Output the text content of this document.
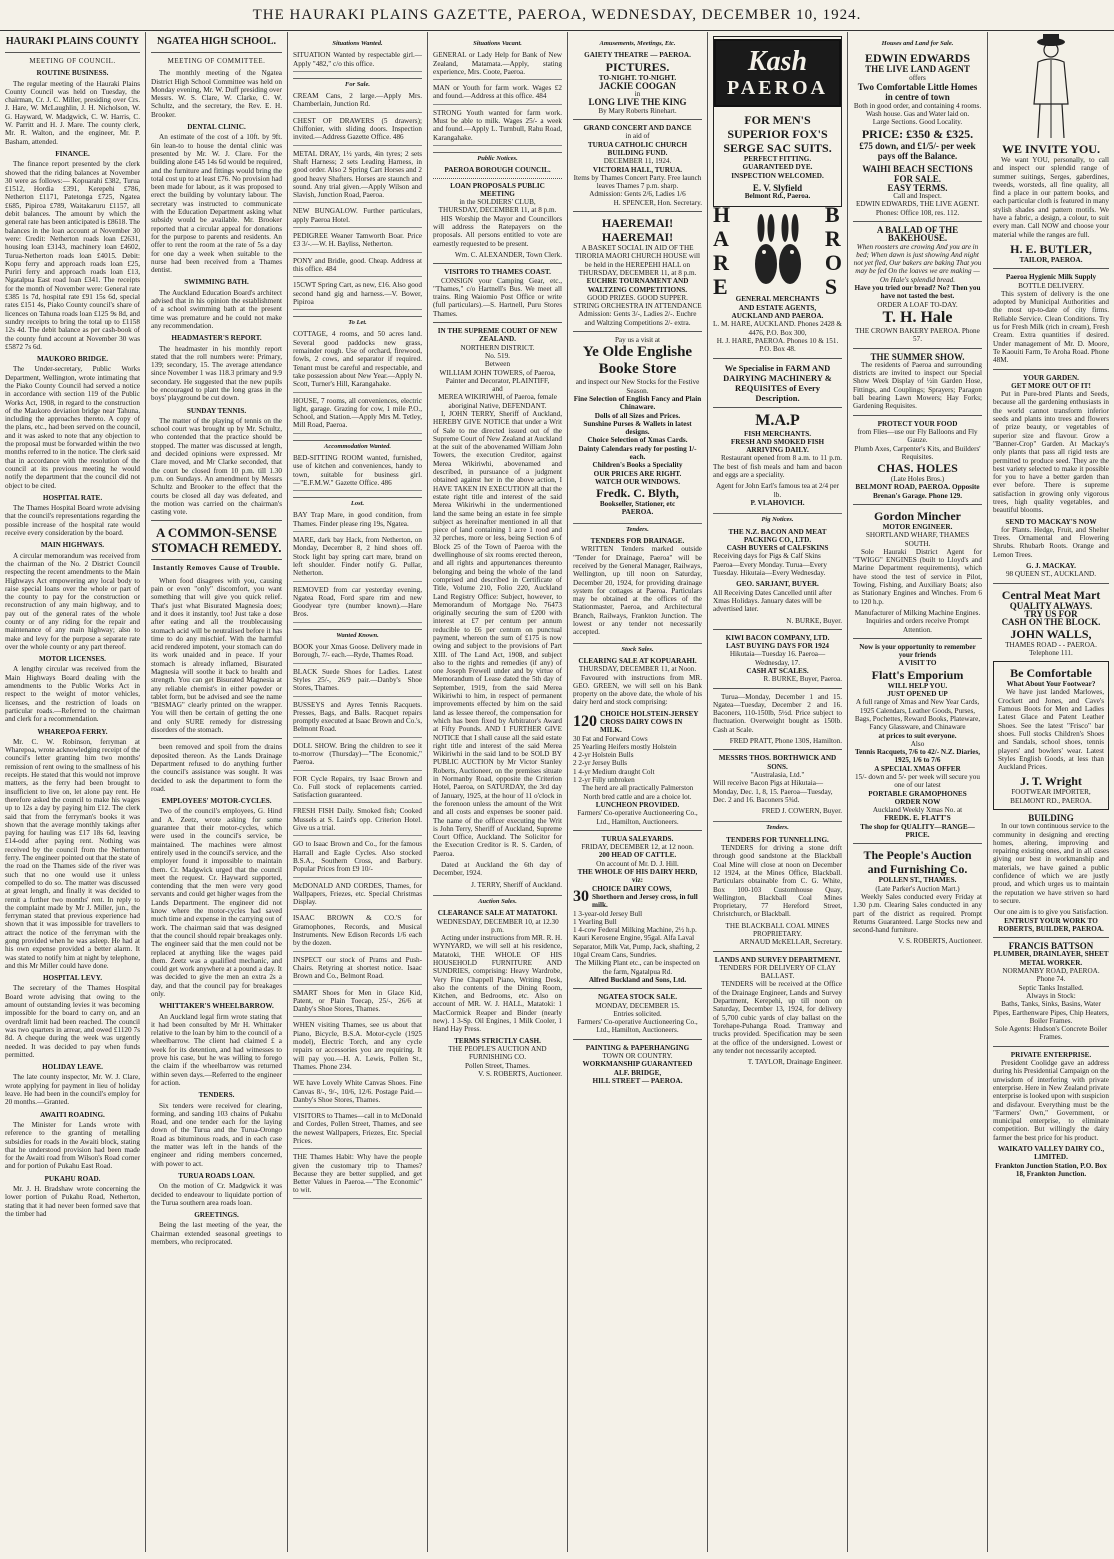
THE HAURAKI PLAINS GAZETTE, PAEROA, WEDNESDAY, DECEMBER 10, 1924.
HAURAKI PLAINS COUNTY
MEETING OF COUNCIL.
ROUTINE BUSINESS.

The regular meeting of the Hauraki Plains County Council was held on Tuesday, the chairman, Cr. J. C. Miller, presiding over Crs. J. Hare, W. McLaughlin, J. H. Nicholson, W. G. Hayward, W. Madgwick, C. W. Harris, C. W. Parritt and H. J. Mare. The county clerk, Mr. R. Walton, and the engineer, Mr. P. Basham, attended.

FINANCE.

The finance report presented by the clerk showed that the riding balances at November 30 were as follows:— Kopuarahi £382, Turua £1512, Hordia £391, Kerepehi £786, Netherton £1171, Patetonga £725, Ngatea £685, Pipiroa £789, Waitakaruru £1157, all debit balances. The amount by which the general rate has been anticipated is £8618. The balances in the loan account at November 30 were: Credit: Netherton roads loan £2631, housing loan £3143, machinery loan £4602, Turua-Netherton roads loan £4015. Debit: Kopu ferry and approach roads loan £25, Puriri ferry and approach roads loan £13, Ngatalpua East road loan £341. The receipts for the month of November were: General rate £385 1s 7d, hospital rate £91 15s 6d, special rates £151 4s, Piako County council's share of licences on Tahuna roads loan £125 9s 8d, and sundry receipts to bring the total up to £1158 12s 4d. The debit balance as per cash-book of the county fund account at November 30 was £5872 7s 6d.

MAUKORO BRIDGE.

The Under-secretary, Public Works Department, Wellington, wrote intimating that the Piako County Council had served a notice in accordance with section 119 of the Public Works Act, 1908, in regard to the construction of the Maukoro deviation bridge near Tahuna, including the approaches thereto. A copy of the plans, etc., had been served on the council, and it was asked to note that any objection to the proposal must be forwarded within the two months referred to in the notice. The clerk said that in accordance with the resolution of the council at its previous meeting he would notify the department that the council did not object to be cited.

HOSPITAL RATE.

The Thames Hospital Board wrote advising that the council's representations regarding the possible increase of the hospital rate would receive every consideration by the board.

MAIN HIGHWAYS.

A circular memorandum was received from the chairman of the No. 2 District Council respecting the recent amendments to the Main Highways Act empowering any local body to raise special loans over the whole or part of the county to pay for the construction or reconstruction of any main highway, and to pay out of the general rates of the whole county or of any riding for the repair and maintenance of any main highway; also to make and levy for the purpose a separate rate over the whole county or any part thereof.

MOTOR LICENSES.

A lengthy circular was received from the Main Highways Board dealing with the amendments to the Public Works Act in respect to the weight of motor vehicles, licenses, and the restriction of loads on particular roads.—Referred to the chairman and clerk for a recommendation.

WHAREPOA FERRY.

Mr. C. W. Robinson, ferryman at Wharepoa, wrote acknowledging receipt of the council's letter granting him two months' remission of rent owing to the smallness of his receipts. He stated that this would not improve matters, as the ferry had been brought to insufficient to live on, let alone pay rent. He therefore asked the council to make his wages up to 12s a day by paying him £12. The clerk said that from the ferryman's books it was shown that the average monthly takings after paying for hauling was £17 18s 6d, leaving £14-odd after paying rent. Nothing was received by the council from the Netherton ferry. The engineer pointed out that the state of the road on the Thames side of the river was such that no one would use it unless compelled to do so. The matter was discussed at great length, and finally it was decided to remit a further two months' rent. In reply to the complaint made by Mr J. Miller, jun., the ferryman stated that previous experience had shown that it was impossible for travellers to attract the notice of the ferryman with the gong provided when he was asleep. He had at his own expense provided a better alarm. It was stated to notify him at night by telephone, and this Mr Miller could have done.

HOSPITAL LEVY.

The secretary of the Thames Hospital Board wrote advising that owing to the amount of outstanding levies it was becoming impossible for the board to carry on, and an overdraft limit had been reached. The council was two quarters in arrear, and owed £1120 7s 8d. A cheque during the week was urgently needed. It was decided to pay when funds permitted.

HOLIDAY LEAVE.

The late county inspector, Mr. W. J. Clare, wrote applying for payment in lieu of holiday leave. He had been in the council's employ for 20 months.—Granted.

AWAITI ROADING.

The Minister for Lands wrote with reference to the granting of metalling subsidies for roads in the Awaiti block, stating that he understood provision had been made for the Awaiti road from Wilson's Road corner and for portion of Pukahu East Road.

PUKAHU ROAD.

Mr. J. H. Bradshaw wrote concerning the lower portion of Pukahu Road, Netherton, stating that it had never been formed save that the timber had

NGATEA HIGH SCHOOL.
MEETING OF COMMITTEE.

The monthly meeting of the Ngatea District High School Committee was held on Monday evening, Mr. W. Duff presiding over Messrs. W. S. Clare, W. Clarke, C. W. Schultz, and the secretary, the Rev. E. H. Brooker.

DENTAL CLINIC.

An estimate of the cost of a 10ft. by 9ft. 6in lean-to to house the dental clinic was presented by Mr. W. J. Clare. For the building alone £45 14s 6d would be required, and the furniture and fittings would bring the total cost up to at least £76. No provision had been made for labour, as it was proposed to erect the building by voluntary labour. The secretary was instructed to communicate with the Education Department asking what subsidy would be available. Mr. Brooker reported that a circular appeal for donations for the purpose to parents and residents. An offer to rent the room at the rate of 5s a day for one day a week when suitable to the nurse had been received from a Thames dentist.

SWIMMING BATH.

The Auckland Education Board's architect advised that in his opinion the establishment of a school swimming bath at the present time was premature and he could not make any recommendation.

HEADMASTER'S REPORT.

The headmaster in his monthly report stated that the roll numbers were: Primary, 139; secondary, 15. The average attendance since November 1 was 118.3 primary and 9.9 secondary. He suggested that the new pupils be encouraged to plant the long grass in the boys' playground be cut down.

SUNDAY TENNIS.

The matter of the playing of tennis on the school court was brought up by Mr. Schultz, who contended that the practice should be stopped. The matter was discussed at length, and decided opinions were expressed. Mr Clare moved, and Mr Clarke seconded, that the court be closed from 10 p.m. till 1.30 p.m. on Sundays. An amendment by Messrs Schultz and Brooker to the effect that the courts be closed all day was defeated, and the motion was carried on the chairman's casting vote.

A COMMON-SENSE STOMACH REMEDY.
Instantly Removes Cause of Trouble.

When food disagrees with you, causing pain or even "only" discomfort, you want something that will give you quick relief. That's just what Bisurated Magnesia does; and it does it instantly, too! Just take a dose after eating and all the troublecausing stomach acid will be neutralised before it has time to do any mischief. With the harmful acid rendered impotent, your stomach can do its work unaided and in peace. If your stomach is already inflamed, Bisurated Magnesia will soothe it back to health and strength. You can get Bisurated Magnesia at any reliable chemist's in either powder or tablet form, but be advised and see the name "BISMAG" clearly printed on the wrapper. You will then be certain of getting the one and only SURE remedy for distressing disorders of the stomach.

been removed and spoil from the drains deposited thereon. As the Lands Drainage Department refused to do anything further the council's assistance was sought. It was decided to ask the department to form the road.

EMPLOYEES' MOTOR-CYCLES.

Two of the council's employees, G. Hind and A. Zeetz, wrote asking for some guarantee that their motor-cycles, which were used in the council's service, be maintained. The machines were almost entirely used in the council's service, and the employer found it impossible to maintain them. Cr. Madgwick urged that the council meet the request. Cr. Hayward supported, contending that the men were very good servants and could get higher wages from the Lands Department. The engineer did not know where the motor-cycles had saved much time and expense in the carrying out of work. The chairman said that was designed that the council should repair breakages only. The engineer said that the men could not be replaced at anything like the wages paid them. Zeetz was a qualified mechanic, and could get work anywhere at a pound a day. It was decided to give the men an extra 2s a day, and that the council pay for breakages only.

WHITTAKER'S WHEELBARROW.

An Auckland legal firm wrote stating that it had been consulted by Mr H. Whittaker relative to the loan by him to the council of a wheelbarrow. The client had claimed £ a week for its detention, and had witnesses to prove his case, but he was willing to forego the claim if the wheelbarrow was returned within seven days.—Referred to the engineer for action.

TENDERS.

Six tenders were received for clearing, forming, and sanding 103 chains of Pukahu Road, and one tender each for the laying down of the Turua and the Turua-Orongo Road as bituminous roads, and in each case the matter was left in the hands of the engineer and riding members concerned, with power to act.

TURUA ROADS LOAN.

On the motion of Cr. Madgwick it was decided to endeavour to liquidate portion of the Turua southern area roads loan.

GREETINGS.

Being the last meeting of the year, the Chairman extended seasonal greetings to members, who reciprocated.

Situations Wanted.
SITUATION Wanted by respectable girl.—Apply "482," c/o this office.
For Sale.
CREAM Cans, 2 large.—Apply Mrs. Chamberlain, Junction Rd.
CHEST OF DRAWERS (5 drawers); Chiffonier, with sliding doors. Inspection invited.—Address Gazette Office. 486
METAL DRAY, 1½ yards, 4in tyres; 2 sets Shaft Harness; 2 sets Leading Harness, in good order. Also 2 Spring Cart Horses and 2 good heavy Shafters. Horses are staunch and sound. Any trial given.—Apply Wilson and Slavish, Junction Road, Paeroa.
NEW BUNGALOW. Further particulars, apply Paeroa Hotel.
PEDIGREE Weaner Tamworth Boar. Price £3 3/-.—W. H. Bayliss, Netherton.
PONY and Bridle, good. Cheap. Address at this office. 484
15CWT Spring Cart, as new, £16. Also good second hand gig and harness.—V. Bower, Pipiroa
To Let.
COTTAGE, 4 rooms, and 50 acres land. Several good paddocks new grass, remainder rough. Use of orchard, firewood, fowls, 2 cows, and separator if required. Tenant must be careful and respectable, and take possession about New Year.—Apply N. Scott, Turner's Hill, Karangahake.
HOUSE, 7 rooms, all conveniences, electric light, garage. Grazing for cow, 1 mile P.O., School, and Station.—Apply Mrs M. Tetley, Mill Road, Paeroa.
Accommodation Wanted.
BED-SITTING ROOM wanted, furnished, use of kitchen and conveniences, handy to town, suitable for business girl.—"E.F.M.W." Gazette Office. 486
Lost.
BAY Trap Mare, in good condition, from Thames. Finder please ring 19s, Ngatea.
MARE, dark bay Hack, from Netherton, on Monday, December 8, 2 hind shoes off. Stock light bay spring cart mare, brand on left shoulder. Finder notify G. Pullar, Netherton.
REMOVED from car yesterday evening, Ngatea Road, Ford spare rim and new Goodyear tyre (number known).—Hare Bros.
Wanted Known.
BOOK your Xmas Goose. Delivery made in Borough, 7/- each.—Ryde, Thames Road.
BLACK Suede Shoes for Ladies. Latest Styles 25/-, 26/9 pair.—Danby's Shoe Stores, Thames.
BUSSEYS and Ayres Tennis Racquets. Presses, Bags, and Balls. Racquet repairs promptly executed at Isaac Brown and Co.'s, Belmont Road.
DOLL SHOW. Bring the children to see it to-morrow (Thursday)—"The Economic," Paeroa.
FOR Cycle Repairs, try Isaac Brown and Co. Full stock of replacements carried. Satisfaction guaranteed.
FRESH FISH Daily. Smoked fish; Cooked Mussels at S. Laird's opp. Criterion Hotel. Give us a trial.
GO to Isaac Brown and Co., for the famous Harrall and Eagle Cycles. Also stocked B.S.A., Southern Cross, and Barbury. Popular Prices from £9 10/-
McDONALD AND CORDES, Thames, for Wallpapers, Friezes, etc. Special Christmas Display.
ISAAC BROWN & CO.'S for Gramophones, Records, and Musical Instruments. New Edison Records 1/6 each by the dozen.
INSPECT our stock of Prams and Push-Chairs. Retyring at shortest notice. Isaac Brown and Co., Belmont Road.
SMART Shoes for Men in Glace Kid, Patent, or Plain Toecap, 25/-, 26/6 at Danby's Shoe Stores, Thames.
WHEN visiting Thames, see us about that Piano, Bicycle, B.S.A. Motor-cycle (1925 model), Electric Torch, and any cycle repairs or accessories you are requiring. It will pay you.—H. A. Lewis, Pollen St., Thames. Phone 234.
WE have Lovely White Canvas Shoes. Fine Canvas 8/-, 9/-, 10/6, 12/6. Postage Paid.—Danby's Shoe Stores, Thames.
VISITORS to Thames—call in to McDonald and Cordes, Pollen Street, Thames, and see the newest Wallpapers, Friezes, Etc. Special Prices.
THE Thames Habit: Why have the people given the customary trip to Thames? Because they are better supplied, and get Better Values in Paeroa.—"The Economic" to wit.
Situations Vacant.
GENERAL or Lady Help for Bank of New Zealand, Matamata.—Apply, stating experience, Mrs. Coote, Paeroa.
MAN or Youth for farm work. Wages £2 and found.—Address at this office. 484
STRONG Youth wanted for farm work. Must be able to milk. Wages 25/- a week and found.—Apply L. Turnbull, Rahu Road, Karangahake.
Public Notices.
PAEROA BOROUGH COUNCIL.
LOAN PROPOSALS PUBLIC MEETING
in the SOLDIERS' CLUB,
THURSDAY, DECEMBER 11, at 8 p.m.

HIS Worship the Mayor and Councillors will address the Ratepayers on the proposals. All persons entitled to vote are earnestly requested to be present.

Wm. C. ALEXANDER, Town Clerk.
VISITORS TO THAMES COAST.

CONSIGN your Camping Gear, etc., "Thames," c/o Hartnell's Bus. We meet all trains. Ring Waiomio Post Office or write (full particulars).—S. Hartnell, Puru Stores Thames.

IN THE SUPREME COURT OF NEW ZEALAND.
NORTHERN DISTRICT.
No. 519.
Between
WILLIAM JOHN TOWERS, of Paeroa, Painter and Decorator, PLAINTIFF,
and
MEREA WIKIRIWHI, of Paeroa, female aboriginal Native, DEFENDANT.

I, JOHN TERRY, Sheriff of Auckland, HEREBY GIVE NOTICE that under a Writ of Sale to me directed issued out of the Supreme Court of New Zealand at Auckland at the suit of the abovenamed William John Towers, the execution Creditor, against Merea Wikiriwhi, abovenamed and described, in pursuance of a judgment obtained against her in the above action, I HAVE TAKEN IN EXECUTION all that the estate right title and interest of the said Merea Wikiriwhi in the undermentioned land the same being an estate in fee simple subject as hereinafter mentioned in all that piece of land containing 1 acre 1 rood and 32 perches, more or less, being Section 6 of Block 25 of the Town of Paeroa with the dwellinghouse of six rooms erected thereon, and all rights and appurtenances thereunto belonging and being the whole of the land comprised and described in Certificate of Title, Volume 210, Folio 220, Auckland Land Registry Office: Subject, however, to Memorandum of Mortgage No. 76473 originally securing the sum of £200 with interest at £7 per centum per annum reducible to £6 per centum on punctual payment, whereon the sum of £175 is now owing and subject to the provisions of Part XIII. of The Land Act, 1908, and subject also to the rights and remedies (if any) of one Joseph Frewell under and by virtue of Memorandum of Lease dated the 5th day of September, 1919, from the said Merea Wikiriwhi to him, in respect of permanent improvements effected by him on the said land as lessee thereof, the compensation for which has been fixed by Arbitrator's Award at Fifty Pounds. AND I FURTHER GIVE NOTICE that I shall cause all the said estate right title and interest of the said Merea Wikiriwhi in the said land to be SOLD BY PUBLIC AUCTION by Mr Victor Stanley Roberts, Auctioneer, on the premises situate in Normanby Road, opposite the Criterion Hotel, Paeroa, on SATURDAY, the 3rd day of January, 1925, at the hour of 11 o'clock in the forenoon unless the amount of the Writ and all costs and expenses be sooner paid. The name of the officer executing the Writ is John Terry, Sheriff of Auckland, Supreme Court Office, Auckland. The Solicitor for the Execution Creditor is R. S. Carden, of Paeroa.

Dated at Auckland the 6th day of December, 1924.

J. TERRY, Sheriff of Auckland.
Auction Sales.
CLEARANCE SALE AT MATATOKI.
WEDNESDAY, DECEMBER 10, at 12.30 p.m.

Acting under instructions from MR. R. H. WYNYARD, we will sell at his residence, Matatoki, THE WHOLE OF HIS HOUSEHOLD FURNITURE AND SUNDRIES, comprising: Heavy Wardrobe, Very Fine Chappell Piano, Writing Desk, also the contents of the Dining Room, Kitchen, and Bedrooms, etc. Also on account of MR. W. J. HALL, Matatoki: 1 MacCormick Reaper and Binder (nearly new). 1 3-Sp. Oil Engines, 1 Milk Cooler, 1 Hand Hay Press.

TERMS STRICTLY CASH.
THE PEOPLE'S AUCTION AND FURNISHING CO.
Pollen Street, Thames.
V. S. ROBERTS, Auctioneer.
Amusements, Meetings, Etc.
GAIETY THEATRE — PAEROA.
PICTURES.
TO-NIGHT. TO-NIGHT.
JACKIE COOGAN
in
LONG LIVE THE KING
By Mary Roberts Rinehart.
GRAND CONCERT AND DANCE
in aid of
TURUA CATHOLIC CHURCH BUILDING FUND.
DECEMBER 11, 1924.
VICTORIA HALL, TURUA.
Items by Thames Concert Party. Free launch leaves Thames 7 p.m. sharp.
Admission: Gents 2/6, Ladies 1/6
H. SPENCER, Hon. Secretary.
HAEREMAI! HAEREMAI!
A BASKET SOCIAL IN AID OF THE TIRORIA MAORI CHURCH HOUSE will be held in the HEREPEHI HALL on THURSDAY, DECEMBER 11, at 8 p.m.
EUCHRE TOURNAMENT AND WALTZING COMPETITIONS.
GOOD PRIZES. GOOD SUPPER.
STRING ORCHESTRA IN ATTENDANCE
Admission: Gents 3/-, Ladies 2/-. Euchre and Waltzing Competitions 2/- extra.
Pay us a visit at
Ye Olde Englishe Booke Store
and inspect our New Stocks for the Festive Season.
Fine Selection of English Fancy and Plain Chinaware.
Dolls of all Sizes and Prices.
Sunshine Purses & Wallets in latest designs.
Choice Selection of Xmas Cards.
Dainty Calendars ready for posting 1/- each.
Children's Books a Speciality
OUR PRICES ARE RIGHT.
WATCH OUR WINDOWS.
Fredk. C. Blyth,
Bookseller, Stationer, etc
PAEROA.
Tenders.
TENDERS FOR DRAINAGE.

WRITTEN Tenders marked outside "Tender for Drainage, Paeroa" will be received by the General Manager, Railways, Wellington, up till noon on Saturday, December 20, 1924, for providing drainage system for cottages at Paeroa. Particulars may be obtained at the offices of the Stationmaster, Paeroa, and Architectural Branch, Railways, Frankton Junction. The lowest or any tender not necessarily accepted.

Stock Sales.
CLEARING SALE AT KOPUARAHI.
THURSDAY, DECEMBER 11, at Noon.

Favoured with instructions from MR. GEO. GREEN, we will sell on his Bank property on the above date, the whole of his dairy herd and stock comprising:

120 CHOICE HOLSTEIN-JERSEY CROSS DAIRY COWS IN MILK.
30 Fat and Forward Cows
25 Yearling Heifers mostly Holstein
4 2-yr Holstein Bulls
2 2-yr Jersey Bulls
1 4-yr Medium draught Colt
1 2-yr Filly unbroken
The herd are all practically Palmerston North bred cattle and are a choice lot.
LUNCHEON PROVIDED.
Farmers' Co-operative Auctioneering Co., Ltd., Hamilton, Auctioneers.
TURUA SALEYARDS.
FRIDAY, DECEMBER 12, at 12 noon.
200 HEAD OF CATTLE.
On account of Mr. D. J. Hill.
THE WHOLE OF HIS DAIRY HERD, viz:
30 CHOICE DAIRY COWS, Shorthorn and Jersey cross, in full milk.
1 3-year-old Jersey Bull
1 Yearling Bull
1 4-cow Federal Milking Machine, 2½ h.p. Kauri Kerosene Engine, 95gal. Alfa Laval Separator, Milk Vat, Pump, Jack, shafting, 2 10gal Cream Cans, Sundries.
The Milking Plant etc., can be inspected on the farm, Ngatalpua Rd.
Alfred Buckland and Sons, Ltd.
NGATEA STOCK SALE.
MONDAY, DECEMBER 15.
Entries solicited.
Farmers' Co-operative Auctioneering Co., Ltd., Hamilton, Auctioneers.
PAINTING & PAPERHANGING
TOWN OR COUNTRY.
WORKMANSHIP GUARANTEED
ALF. BRIDGE,
HILL STREET — PAEROA.
Kash
PAEROA
FOR MEN'S SUPERIOR FOX'S SERGE SAC SUITS.
PERFECT FITTING.
GUARANTEED DYE.
INSPECTION WELCOMED.
E. V. Slyfield
Belmont Rd., Paeroa.
H
A
R
E
B
R
O
S
GENERAL MERCHANTS
AND ESTATE AGENTS,
AUCKLAND AND PAEROA.
L. M. HARE, AUCKLAND. Phones 2428 & 4476, P.O. Box 300,
H. J. HARE, PAEROA. Phones 10 & 151. P.O. Box 48.
We Specialise in FARM AND DAIRYING MACHINERY & REQUISITES of Every Description.
M.A.P
FISH MERCHANTS.
FRESH AND SMOKED FISH ARRIVING DAILY.

Restaurant opened from 8 a.m. to 11 p.m. The best of fish meals and ham and bacon and eggs are a speciality.

Agent for John Earl's famous tea at 2/4 per lb.
P. VLAHOVICH.
Pig Notices.
THE N.Z. BACON AND MEAT PACKING CO., LTD.
CASH BUYERS of CALFSKINS

Receiving days for Pigs & Calf Skins Paeroa—Every Monday. Turua—Every Tuesday. Hikutaia—Every Wednesday.

GEO. SARJANT, BUYER.

All Receiving Dates Cancelled until after Xmas Holidays. January dates will be advertised later.

N. BURKE, Buyer.
KIWI BACON COMPANY, LTD.
LAST BUYING DAYS FOR 1924
Hikutaia—Tuesday 16. Paeroa—Wednesday, 17.
CASH AT SCALES.
R. BURKE, Buyer, Paeroa.

Turua—Monday, December 1 and 15. Ngatea—Tuesday, December 2 and 16. Baconers, 110-150lb, 5½d. Price subject to fluctuation. Overweight bought as 150lb. Cash at Scale.

FRED PRATT, Phone 130S, Hamilton.
MESSRS THOS. BORTHWICK AND SONS.
"Australasia, Ltd."

Will receive Bacon Pigs at Hikutaia—Monday, Dec. 1, 8, 15. Paeroa—Tuesday, Dec. 2 and 16. Baconers 5¾d.

FRED J. COWERN, Buyer.
Tenders.
TENDERS FOR TUNNELLING.

TENDERS for driving a stone drift through good sandstone at the Blackball Coal Mine will close at noon on December 12 1924, at the Mines Office, Blackball. Particulars obtainable from C. G. White, Box 100-103 Customhouse Quay, Wellington, Blackball Coal Mines Proprietary, 77 Hereford Street, Christchurch, or Blackball.

THE BLACKBALL COAL MINES PROPRIETARY.
ARNAUD McKELLAR, Secretary.
LANDS AND SURVEY DEPARTMENT.
TENDERS FOR DELIVERY OF CLAY BALLAST.

TENDERS will be received at the Office of the Drainage Engineer, Lands and Survey Department, Kerepehi, up till noon on Saturday, December 13, 1924, for delivery of 5,700 cubic yards of clay ballast on the Torehape-Puhanga Road. Tramway and trucks provided. Specification may be seen at the office of the undersigned. Lowest or any tender not necessarily accepted.

T. TAYLOR, Drainage Engineer.
Houses and Land for Sale.
EDWIN EDWARDS
THE LIVE LAND AGENT
offers
Two Comfortable Little Homes in centre of town
Both in good order, and containing 4 rooms. Wash house. Gas and Water laid on.
Large Sections. Good Locality.
PRICE: £350 & £325.
£75 down, and £1/5/- per week pays off the Balance.
WAIHI BEACH SECTIONS FOR SALE.
EASY TERMS.
Call and Inspect.
EDWIN EDWARDS, THE LIVE AGENT. Phones: Office 108, res. 112.
A BALLAD OF THE BAKEHOUSE.
When roosters are crowing And you are in bed; When dawn is just showing And night not yet fled, Our bakers are baking That you may be fed On the loaves we are making —On Hale's splendid bread.
Have you tried our bread? No? Then you have not tasted the best.
ORDER A LOAF TO-DAY.
T. H. Hale
THE CROWN BAKERY PAEROA. Phone 57.
THE SUMMER SHOW.

The residents of Paeroa and surrounding districts are invited to inspect our Special Show Week Display of ½in Garden Hose, Fittings, and Couplings; Sprayers; Paragon ball bearing Lawn Mowers; Hay Forks; Gardening Requisites.

PROTECT YOUR FOOD
from Flies—use our Fly Balloons and Fly Gauze.
Plumb Axes, Carpenter's Kits, and Builders' Requisites.
CHAS. HOLES
(Late Holes Bros.)
BELMONT ROAD, PAEROA. Opposite Brenan's Garage. Phone 129.
Gordon Mincher
MOTOR ENGINEER.
SHORTLAND WHARF, THAMES SOUTH.

Sole Hauraki District Agent for "TWIGG" ENGINES (built to Lloyd's and Marine Department requirements), which have stood the test of service in Pilot, Towing, Fishing, and Auxiliary Boats; also as Stationary Engines and Winches. From 6 to 120 h.p.

Manufacturer of Milking Machine Engines.
Inquiries and orders receive Prompt Attention.
Now is your opportunity to remember your friends
A VISIT TO
Flatt's Emporium
WILL HELP YOU.
JUST OPENED UP
A full range of Xmas and New Year Cards, 1925 Calendars, Leather Goods, Purses, Bags, Pochettes, Reward Books, Plateware, Fancy Glassware, and Chinaware
at prices to suit everyone.
Also
Tennis Racquets, 7/6 to 42/- N.Z. Diaries, 1925, 1/6 to 7/6
A SPECIAL XMAS OFFER
15/- down and 5/- per week will secure you one of our latest
PORTABLE GRAMOPHONES
ORDER NOW
Auckland Weekly Xmas No. at
FREDK. E. FLATT'S
The shop for QUALITY—RANGE—PRICE.
The People's Auction and Furnishing Co.
POLLEN ST., THAMES.
(Late Parker's Auction Mart.)

Weekly Sales conducted every Friday at 1.30 p.m. Clearing Sales conducted in any part of the district as required. Prompt Returns Guaranteed. Large Stocks new and second-hand furniture.

V. S. ROBERTS, Auctioneer.
WE INVITE YOU.

We want YOU, personally, to call and inspect our splendid range of summer suitings, Serges, gaberdines, tweeds, worsteds, all fine quality, all find a place in our pattern books, and each particular cloth is featured in many stylish shades and pattern motifs. We have a fabric, a design, a colour, to suit every man. Call NOW and choose your material while the ranges are full.

H. E. BUTLER,
TAILOR, PAEROA.
Paeroa Hygienic Milk Supply
BOTTLE DELIVERY.

This system of delivery is the one adopted by Municipal Authorities and the most up-to-date of city firms. Reliable Service. Clean Conditions. Try us for Fresh Milk (rich in cream), Fresh Cream. Extra quantities if desired. Under management of Mr. D. Moore, Te Kaouiti Farm, Te Aroha Road. Phone 48M.

YOUR GARDEN.
GET MORE OUT OF IT!

Put in Pure-bred Plants and Seeds, because all the gardening enthusiasts in the world cannot transform inferior seeds and plants into trees and flowers of prize beauty, or vegetables of superior size and flavour. Grow a "Banner-Crop" Garden. At Mackay's only plants that pass all rigid tests are permitted to produce seed. They are the best variety selected to make it possible for you to have a better garden than ever before. There is supreme satisfaction in growing only vigorous trees, high quality vegetables, and beautiful blooms.

SEND TO MACKAY'S NOW

for Plants. Hedge, Fruit, and Shelter Trees. Ornamental and Flowering Shrubs. Rhubarb Roots. Orange and Lemon Trees.

G. J. MACKAY.
98 QUEEN ST., AUCKLAND.
Central Meat Mart
QUALITY ALWAYS.
TRY US FOR
CASH ON THE BLOCK.
JOHN WALLS,
THAMES ROAD - - PAEROA.
Telephone 111.
Be Comfortable
What About Your Footwear?

We have just landed Marlowes, Crockett and Jones, and Cave's Famous Boots for Men and Ladies Latest Glace and Patent Leather Shoes. See the latest "Frisco" bar shoes. Full stocks Children's Shoes and Sandals, school shoes, tennis players' and bowlers' wear. Latest Styles English Goods, at less than Auckland Prices.

J. T. Wright
FOOTWEAR IMPORTER, BELMONT RD., PAEROA.
BUILDING

In our town continuous service to the community in designing and erecting homes, altering, improving and repairing existing ones, and in all cases giving our best in workmanship and materials, we have gained a public confidence of which we are justly proud, and which urges us to maintain the reputation we have striven so hard to secure.

Our one aim is to give you Satisfaction.
ENTRUST YOUR WORK TO ROBERTS, BUILDER, PAEROA.
FRANCIS BATTSON
PLUMBER, DRAINLAYER, SHEET METAL WORKER.
NORMANBY ROAD, PAEROA. Phone 74.
Septic Tanks Installed.
Always in Stock:
Baths, Tanks, Sinks, Basins, Water Pipes, Earthenware Pipes, Chip Heaters, Boiler Frames.
Sole Agents: Hudson's Concrete Boiler Frames.
PRIVATE ENTERPRISE.

President Coolidge gave an address during his Presidential Campaign on the unwisdom of interfering with private enterprise. Here in New Zealand private enterprise is looked upon with suspicion and disfavour. Everything must be the "Farmers' Own," Government, or municipal enterprise, to eliminate competition. But willingly the dairy farmer the best price for his product.

WAIKATO VALLEY DAIRY CO., LIMITED.
Frankton Junction Station, P.O. Box 18, Frankton Junction.
